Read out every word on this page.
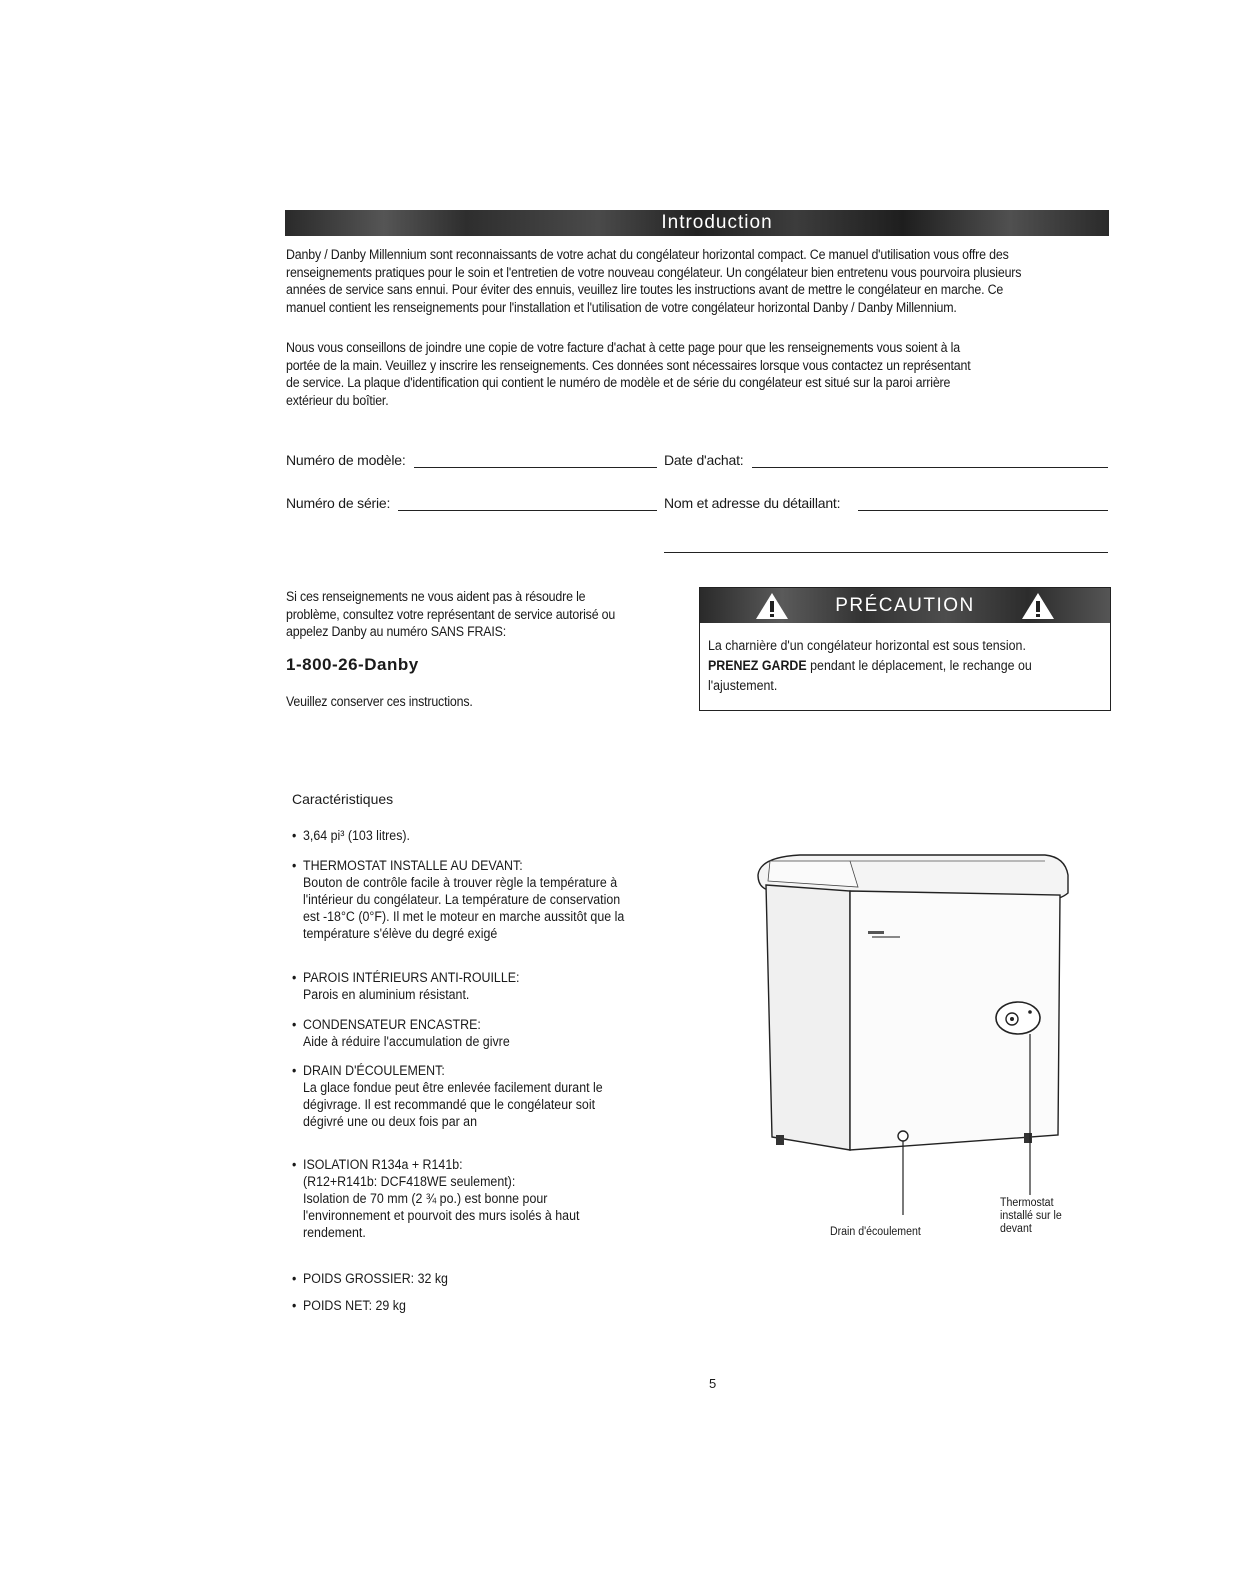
Introduction
Danby / Danby Millennium sont reconnaissants de votre achat du congélateur horizontal compact. Ce manuel d'utilisation vous offre des
renseignements pratiques pour le soin et l'entretien de votre nouveau congélateur. Un congélateur bien entretenu vous pourvoira plusieurs
années de service sans ennui. Pour éviter des ennuis, veuillez lire toutes les instructions avant de mettre le congélateur en marche. Ce
manuel contient les renseignements pour l'installation et l'utilisation de votre congélateur horizontal Danby / Danby Millennium.
Nous vous conseillons de joindre une copie de votre facture d'achat à cette page pour que les renseignements vous soient à la
portée de la main. Veuillez y inscrire les renseignements. Ces données sont nécessaires lorsque vous contactez un représentant
de service. La plaque d'identification qui contient le numéro de modèle et de série du congélateur est situé sur la paroi arrière
extérieur du boîtier.
Numéro de modèle:	Date d'achat:
Numéro de série:	Nom et adresse du détaillant:
Si ces renseignements ne vous aident pas à résoudre le
problème, consultez votre représentant de service autorisé ou
appelez Danby au numéro SANS FRAIS:
1-800-26-Danby
Veuillez conserver ces instructions.
PRÉCAUTION
La charnière d'un congélateur horizontal est sous tension.
PRENEZ GARDE pendant le déplacement, le rechange ou
l'ajustement.
Caractéristiques
• 3,64 pi³ (103 litres).
• THERMOSTAT INSTALLE AU DEVANT:
Bouton de contrôle facile à trouver règle la température à
l'intérieur du congélateur. La température de conservation
est -18°C (0°F). Il met le moteur en marche aussitôt que la
température s'élève du degré exigé
• PAROIS INTÉRIEURS ANTI-ROUILLE:
Parois en aluminium résistant.
• CONDENSATEUR ENCASTRE:
Aide à réduire l'accumulation de givre
• DRAIN D'ÉCOULEMENT:
La glace fondue peut être enlevée facilement durant le
dégivrage. Il est recommandé que le congélateur soit
dégivré une ou deux fois par an
• ISOLATION R134a + R141b:
(R12+R141b: DCF418WE seulement):
Isolation de 70 mm (2 ¾ po.) est bonne pour
l'environnement et pourvoit des murs isolés à haut
rendement.
• POIDS GROSSIER: 32 kg
• POIDS NET: 29 kg
Drain d'écoulement
Thermostat
installé sur le
devant
5
